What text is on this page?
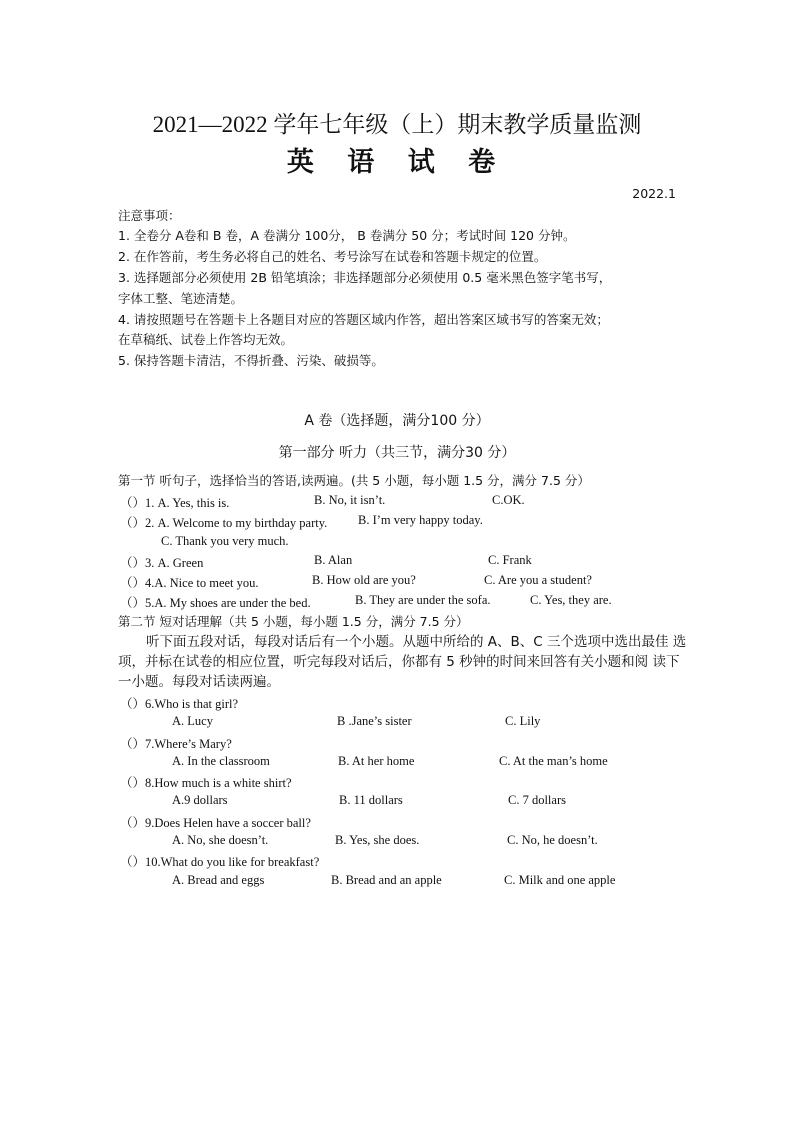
2021—2022 学年七年级（上）期末教学质量监测
英 语 试 卷
2022.1
注意事项：
1. 全卷分 A卷和 B 卷，A 卷满分 100分， B 卷满分 50 分；考试时间 120 分钟。
2. 在作答前，考生务必将自己的姓名、考号涂写在试卷和答题卡规定的位置。
3. 选择题部分必须使用 2B 铅笔填涂；非选择题部分必须使用 0.5 毫米黑色签字笔书写，
字体工整、笔迹清楚。
4. 请按照题号在答题卡上各题目对应的答题区域内作答，超出答案区域书写的答案无效；
在草稿纸、试卷上作答均无效。
5. 保持答题卡清洁，不得折叠、污染、破损等。
A 卷（选择题，满分100 分）
第一部分 听力（共三节，满分30 分）
第一节 听句子，选择恰当的答语,读两遍。(共 5 小题，每小题 1.5 分，满分 7.5 分）
（）1. A. Yes, this is.	B. No, it isn’t.	C.OK.
（）2. A. Welcome to my birthday party. B. I’m very happy today.
C. Thank you very much.
（）3. A. Green	B. Alan	C. Frank
（）4.A. Nice to meet you.	B. How old are you?	C. Are you a student?
（）5.A. My shoes are under the bed.	B. They are under the sofa.	C. Yes, they are.
第二节 短对话理解（共 5 小题，每小题 1.5 分，满分 7.5 分）
听下面五段对话，每段对话后有一个小题。从题中所给的 A、B、C 三个选项中选出最佳 选项，并标在试卷的相应位置，听完每段对话后，你都有 5 秒钟的时间来回答有关小题和阅 读下一小题。每段对话读两遍。
（）6.Who is that girl?
A. Lucy	B .Jane’s sister	C. Lily
（）7.Where’s Mary?
A. In the classroom	B. At her home	C. At the man’s home
（）8.How much is a white shirt?
A.9 dollars	B. 11 dollars	C. 7 dollars
（）9.Does Helen have a soccer ball?
A. No, she doesn’t.	B. Yes, she does.	C. No, he doesn’t.
（）10.What do you like for breakfast?
A. Bread and eggs	B. Bread and an apple	C. Milk and one apple
